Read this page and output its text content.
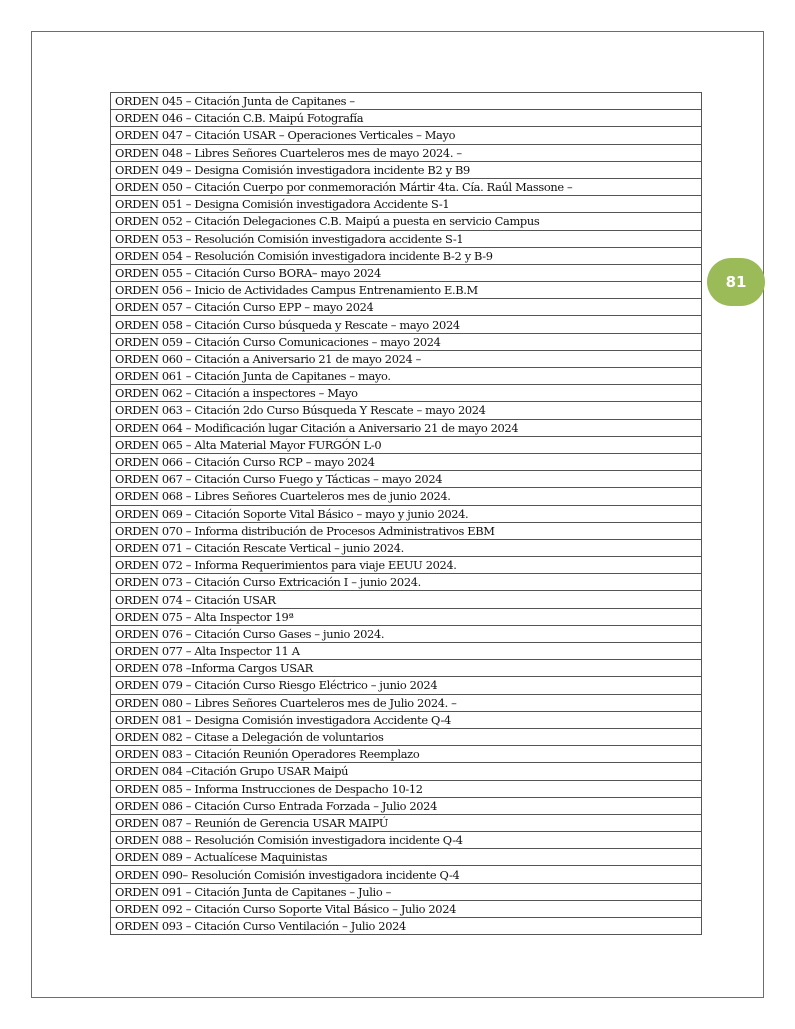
81
ORDEN 045 – Citación Junta de Capitanes –
ORDEN 046 – Citación C.B. Maipú Fotografía
ORDEN 047 – Citación USAR – Operaciones Verticales – Mayo
ORDEN 048 – Libres Señores Cuarteleros mes de mayo 2024. –
ORDEN 049 – Designa Comisión investigadora incidente B2 y B9
ORDEN 050 – Citación Cuerpo por conmemoración Mártir 4ta. Cía. Raúl Massone –
ORDEN 051 – Designa Comisión investigadora Accidente S-1
ORDEN 052 – Citación Delegaciones C.B. Maipú a puesta en servicio Campus
ORDEN 053 – Resolución Comisión investigadora accidente S-1
ORDEN 054 – Resolución Comisión investigadora incidente B-2 y B-9
ORDEN 055 – Citación Curso BORA– mayo 2024
ORDEN 056 – Inicio de Actividades Campus Entrenamiento E.B.M
ORDEN 057 – Citación Curso EPP – mayo 2024
ORDEN 058 – Citación Curso búsqueda y Rescate – mayo 2024
ORDEN 059 – Citación Curso Comunicaciones – mayo 2024
ORDEN 060 – Citación a Aniversario 21 de mayo 2024 –
ORDEN 061 – Citación Junta de Capitanes – mayo.
ORDEN 062 – Citación a inspectores – Mayo
ORDEN 063 – Citación 2do Curso Búsqueda Y Rescate – mayo 2024
ORDEN 064 – Modificación lugar Citación a Aniversario 21 de mayo 2024
ORDEN 065 – Alta Material Mayor FURGÓN L-0
ORDEN 066 – Citación Curso RCP – mayo 2024
ORDEN 067 – Citación Curso Fuego y Tácticas – mayo 2024
ORDEN 068 – Libres Señores Cuarteleros mes de junio 2024.
ORDEN 069 – Citación Soporte Vital Básico – mayo y junio 2024.
ORDEN 070 – Informa distribución de Procesos Administrativos EBM
ORDEN 071 – Citación Rescate Vertical – junio 2024.
ORDEN 072 – Informa Requerimientos para viaje EEUU 2024.
ORDEN 073 – Citación Curso Extricación I – junio 2024.
ORDEN 074 – Citación USAR
ORDEN 075 – Alta Inspector 19ª
ORDEN 076 – Citación Curso Gases – junio 2024.
ORDEN 077 – Alta Inspector 11 A
ORDEN 078 –Informa Cargos USAR
ORDEN 079 – Citación Curso Riesgo Eléctrico – junio 2024
ORDEN 080 – Libres Señores Cuarteleros mes de Julio 2024. –
ORDEN 081 – Designa Comisión investigadora Accidente Q-4
ORDEN 082 – Citase a Delegación de voluntarios
ORDEN 083 – Citación Reunión Operadores Reemplazo
ORDEN 084 –Citación Grupo USAR Maipú
ORDEN 085 – Informa Instrucciones de Despacho 10-12
ORDEN 086 – Citación Curso Entrada Forzada – Julio 2024
ORDEN 087 – Reunión de Gerencia USAR MAIPÚ
ORDEN 088 – Resolución Comisión investigadora incidente Q-4
ORDEN 089 – Actualícese Maquinistas
ORDEN 090– Resolución Comisión investigadora incidente Q-4
ORDEN 091 – Citación Junta de Capitanes – Julio –
ORDEN 092 – Citación Curso Soporte Vital Básico – Julio 2024
ORDEN 093 – Citación Curso Ventilación – Julio 2024
